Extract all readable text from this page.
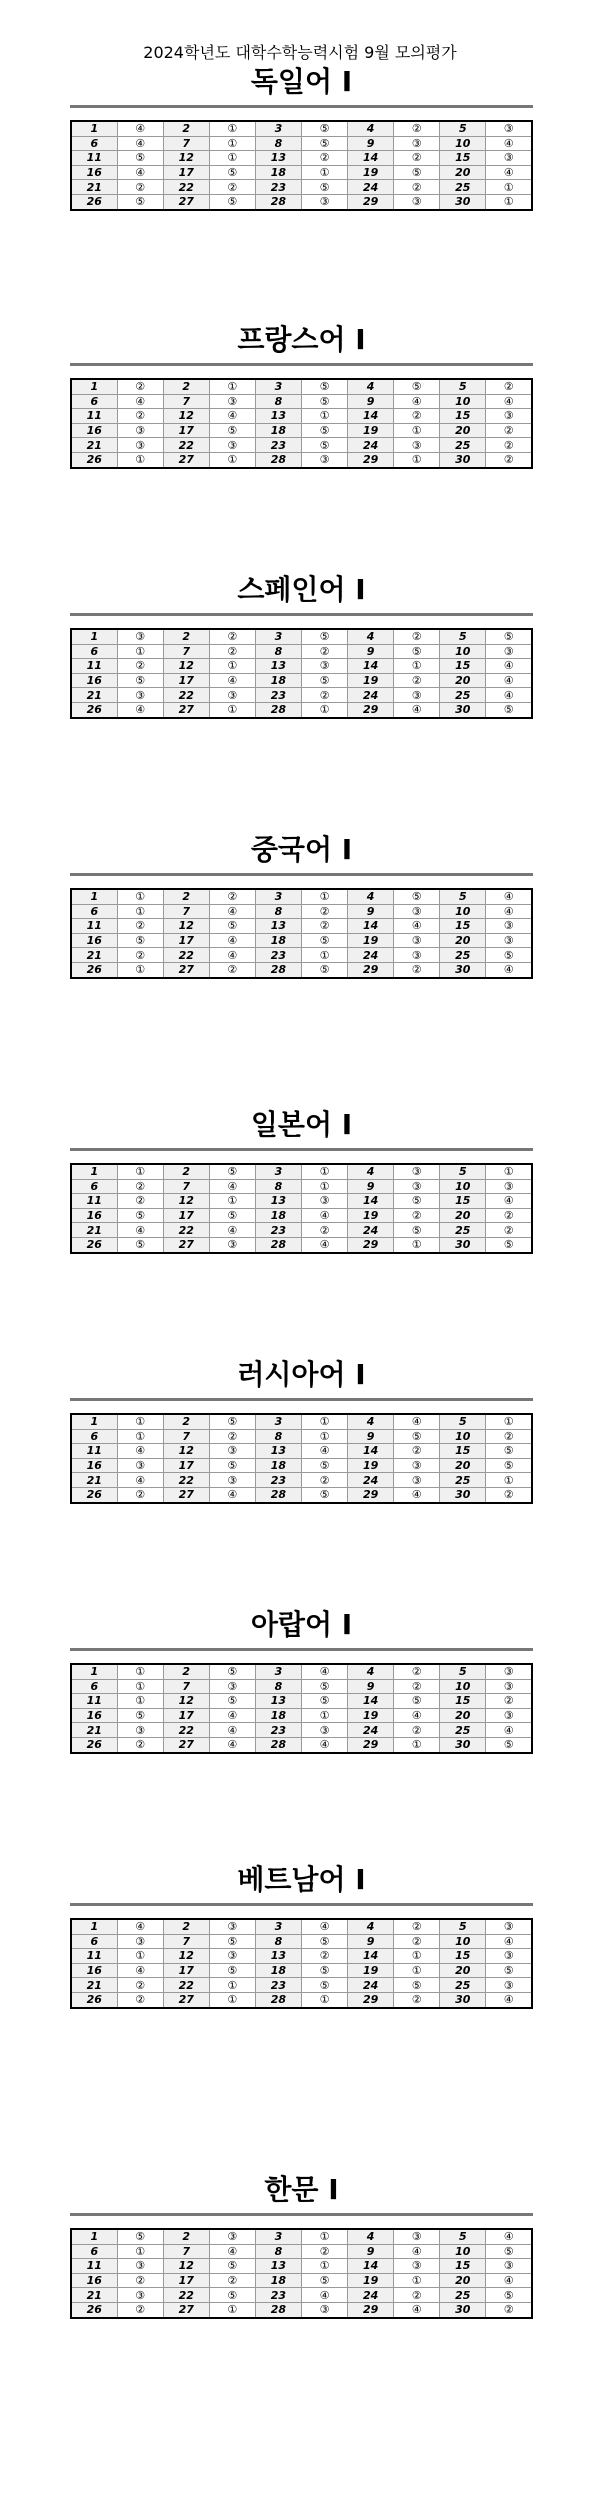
2024학년도 대학수학능력시험 9월 모의평가
독일어 I
1	④	2	①	3	⑤	4	②	5	③
6	④	7	①	8	⑤	9	③	10	④
11	⑤	12	①	13	②	14	②	15	③
16	④	17	⑤	18	①	19	⑤	20	④
21	②	22	②	23	⑤	24	②	25	①
26	⑤	27	⑤	28	③	29	③	30	①
프랑스어 I
1	②	2	①	3	⑤	4	⑤	5	②
6	④	7	③	8	⑤	9	④	10	④
11	②	12	④	13	①	14	②	15	③
16	③	17	⑤	18	⑤	19	①	20	②
21	③	22	③	23	⑤	24	③	25	②
26	①	27	①	28	③	29	①	30	②
스페인어 I
1	③	2	②	3	⑤	4	②	5	⑤
6	①	7	②	8	②	9	⑤	10	③
11	②	12	①	13	③	14	①	15	④
16	⑤	17	④	18	⑤	19	②	20	④
21	③	22	③	23	②	24	③	25	④
26	④	27	①	28	①	29	④	30	⑤
중국어 I
1	①	2	②	3	①	4	⑤	5	④
6	①	7	④	8	②	9	③	10	④
11	②	12	⑤	13	②	14	④	15	③
16	⑤	17	④	18	⑤	19	③	20	③
21	②	22	④	23	①	24	③	25	⑤
26	①	27	②	28	⑤	29	②	30	④
일본어 I
1	①	2	⑤	3	①	4	③	5	①
6	②	7	④	8	①	9	③	10	③
11	②	12	①	13	③	14	⑤	15	④
16	⑤	17	⑤	18	④	19	②	20	②
21	④	22	④	23	②	24	⑤	25	②
26	⑤	27	③	28	④	29	①	30	⑤
러시아어 I
1	①	2	⑤	3	①	4	④	5	①
6	①	7	②	8	①	9	⑤	10	②
11	④	12	③	13	④	14	②	15	⑤
16	③	17	⑤	18	⑤	19	③	20	⑤
21	④	22	③	23	②	24	③	25	①
26	②	27	④	28	⑤	29	④	30	②
아랍어 I
1	①	2	⑤	3	④	4	②	5	③
6	①	7	③	8	⑤	9	②	10	③
11	①	12	⑤	13	⑤	14	⑤	15	②
16	⑤	17	④	18	①	19	④	20	③
21	③	22	④	23	③	24	②	25	④
26	②	27	④	28	④	29	①	30	⑤
베트남어 I
1	④	2	③	3	④	4	②	5	③
6	③	7	⑤	8	⑤	9	②	10	④
11	①	12	③	13	②	14	①	15	③
16	④	17	⑤	18	⑤	19	①	20	⑤
21	②	22	①	23	⑤	24	⑤	25	③
26	②	27	①	28	①	29	②	30	④
한문 I
1	⑤	2	③	3	①	4	③	5	④
6	①	7	④	8	②	9	④	10	⑤
11	③	12	⑤	13	①	14	③	15	③
16	②	17	②	18	⑤	19	①	20	④
21	③	22	⑤	23	④	24	②	25	⑤
26	②	27	①	28	③	29	④	30	②
